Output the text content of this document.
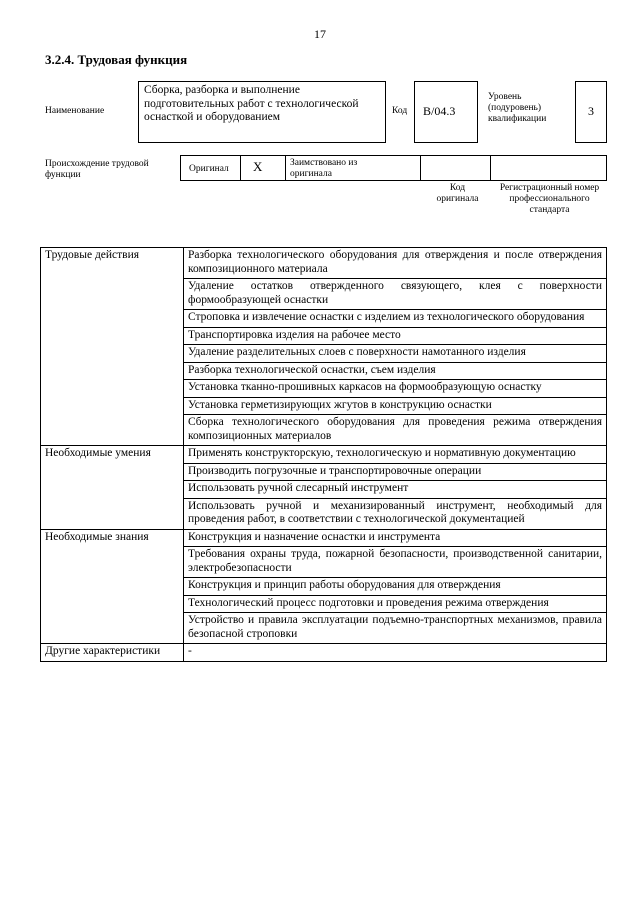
17
3.2.4. Трудовая функция
Наименование
Сборка, разборка и выполнение подготовительных работ с технологической оснасткой и оборудованием	Код	В/04.3
Уровень (подуровень) квалификации
3
Происхождение трудовой функции
Оригинал X	Заимствовано из оригинала
Код оригинала
Регистрационный номер профессионального стандарта
Трудовые действия	Разборка технологического оборудования для отверждения и после отверждения композиционного материала
	Удаление остатков отвержденного связующего, клея с поверхности формообразующей оснастки
	Строповка и извлечение оснастки с изделием из технологического оборудования
	Транспортировка изделия на рабочее место
	Удаление разделительных слоев с поверхности намотанного изделия
	Разборка технологической оснастки, съем изделия
	Установка тканно-прошивных каркасов на формообразующую оснастку
	Установка герметизирующих жгутов в конструкцию оснастки
	Сборка технологического оборудования для проведения режима отверждения композиционных материалов
Необходимые умения	Применять конструкторскую, технологическую и нормативную документацию
	Производить погрузочные и транспортировочные операции
	Использовать ручной слесарный инструмент
	Использовать ручной и механизированный инструмент, необходимый для проведения работ, в соответствии с технологической документацией
Необходимые знания	Конструкция и назначение оснастки и инструмента
	Требования охраны труда, пожарной безопасности, производственной санитарии, электробезопасности
	Конструкция и принцип работы оборудования для отверждения
	Технологический процесс подготовки и проведения режима отверждения
	Устройство и правила эксплуатации подъемно-транспортных механизмов, правила безопасной строповки
Другие характеристики	-
